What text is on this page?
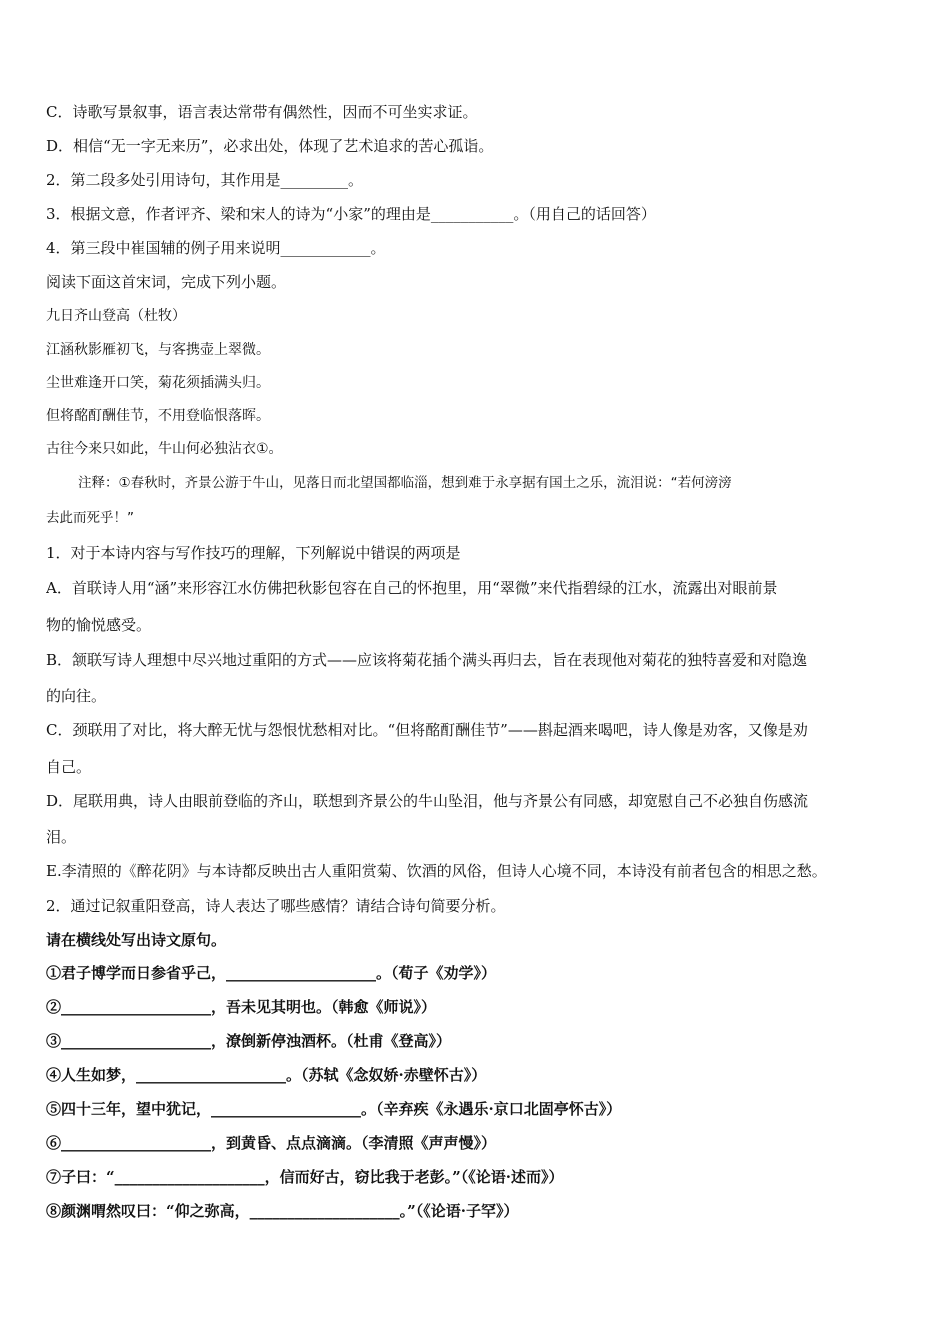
C．诗歌写景叙事，语言表达常带有偶然性，因而不可坐实求证。
D．相信“无一字无来历”，必求出处，体现了艺术追求的苦心孤诣。
2．第二段多处引用诗句，其作用是_________。
3．根据文意，作者评齐、梁和宋人的诗为“小家”的理由是___________。（用自己的话回答）
4．第三段中崔国辅的例子用来说明____________。
阅读下面这首宋词，完成下列小题。
九日齐山登高（杜牧）
江涵秋影雁初飞，与客携壶上翠微。
尘世难逢开口笑，菊花须插满头归。
但将酩酊酬佳节，不用登临恨落晖。
古往今来只如此，牛山何必独沾衣①。
注释：①春秋时，齐景公游于牛山，见落日而北望国都临淄，想到难于永享据有国土之乐，流泪说：“若何滂滂
去此而死乎！”
1．对于本诗内容与写作技巧的理解，下列解说中错误的两项是
A．首联诗人用“涵”来形容江水仿佛把秋影包容在自己的怀抱里，用“翠微”来代指碧绿的江水，流露出对眼前景
物的愉悦感受。
B．颔联写诗人理想中尽兴地过重阳的方式——应该将菊花插个满头再归去，旨在表现他对菊花的独特喜爱和对隐逸
的向往。
C．颈联用了对比，将大醉无忧与怨恨忧愁相对比。“但将酩酊酬佳节”——斟起酒来喝吧，诗人像是劝客，又像是劝
自己。
D．尾联用典，诗人由眼前登临的齐山，联想到齐景公的牛山坠泪，他与齐景公有同感，却宽慰自己不必独自伤感流
泪。
E.李清照的《醉花阴》与本诗都反映出古人重阳赏菊、饮酒的风俗，但诗人心境不同，本诗没有前者包含的相思之愁。
2．通过记叙重阳登高，诗人表达了哪些感情？请结合诗句简要分析。
请在横线处写出诗文原句。
①君子博学而日参省乎己，____________________。（荀子《劝学》）
②____________________，吾未见其明也。（韩愈《师说》）
③____________________，潦倒新停浊酒杯。（杜甫《登高》）
④人生如梦，____________________。（苏轼《念奴娇·赤壁怀古》）
⑤四十三年，望中犹记，____________________。（辛弃疾《永遇乐·京口北固亭怀古》）
⑥____________________，到黄昏、点点滴滴。（李清照《声声慢》）
⑦子曰：“____________________，信而好古，窃比我于老彭。”（《论语·述而》）
⑧颜渊喟然叹曰：“仰之弥高，____________________。”（《论语·子罕》）
